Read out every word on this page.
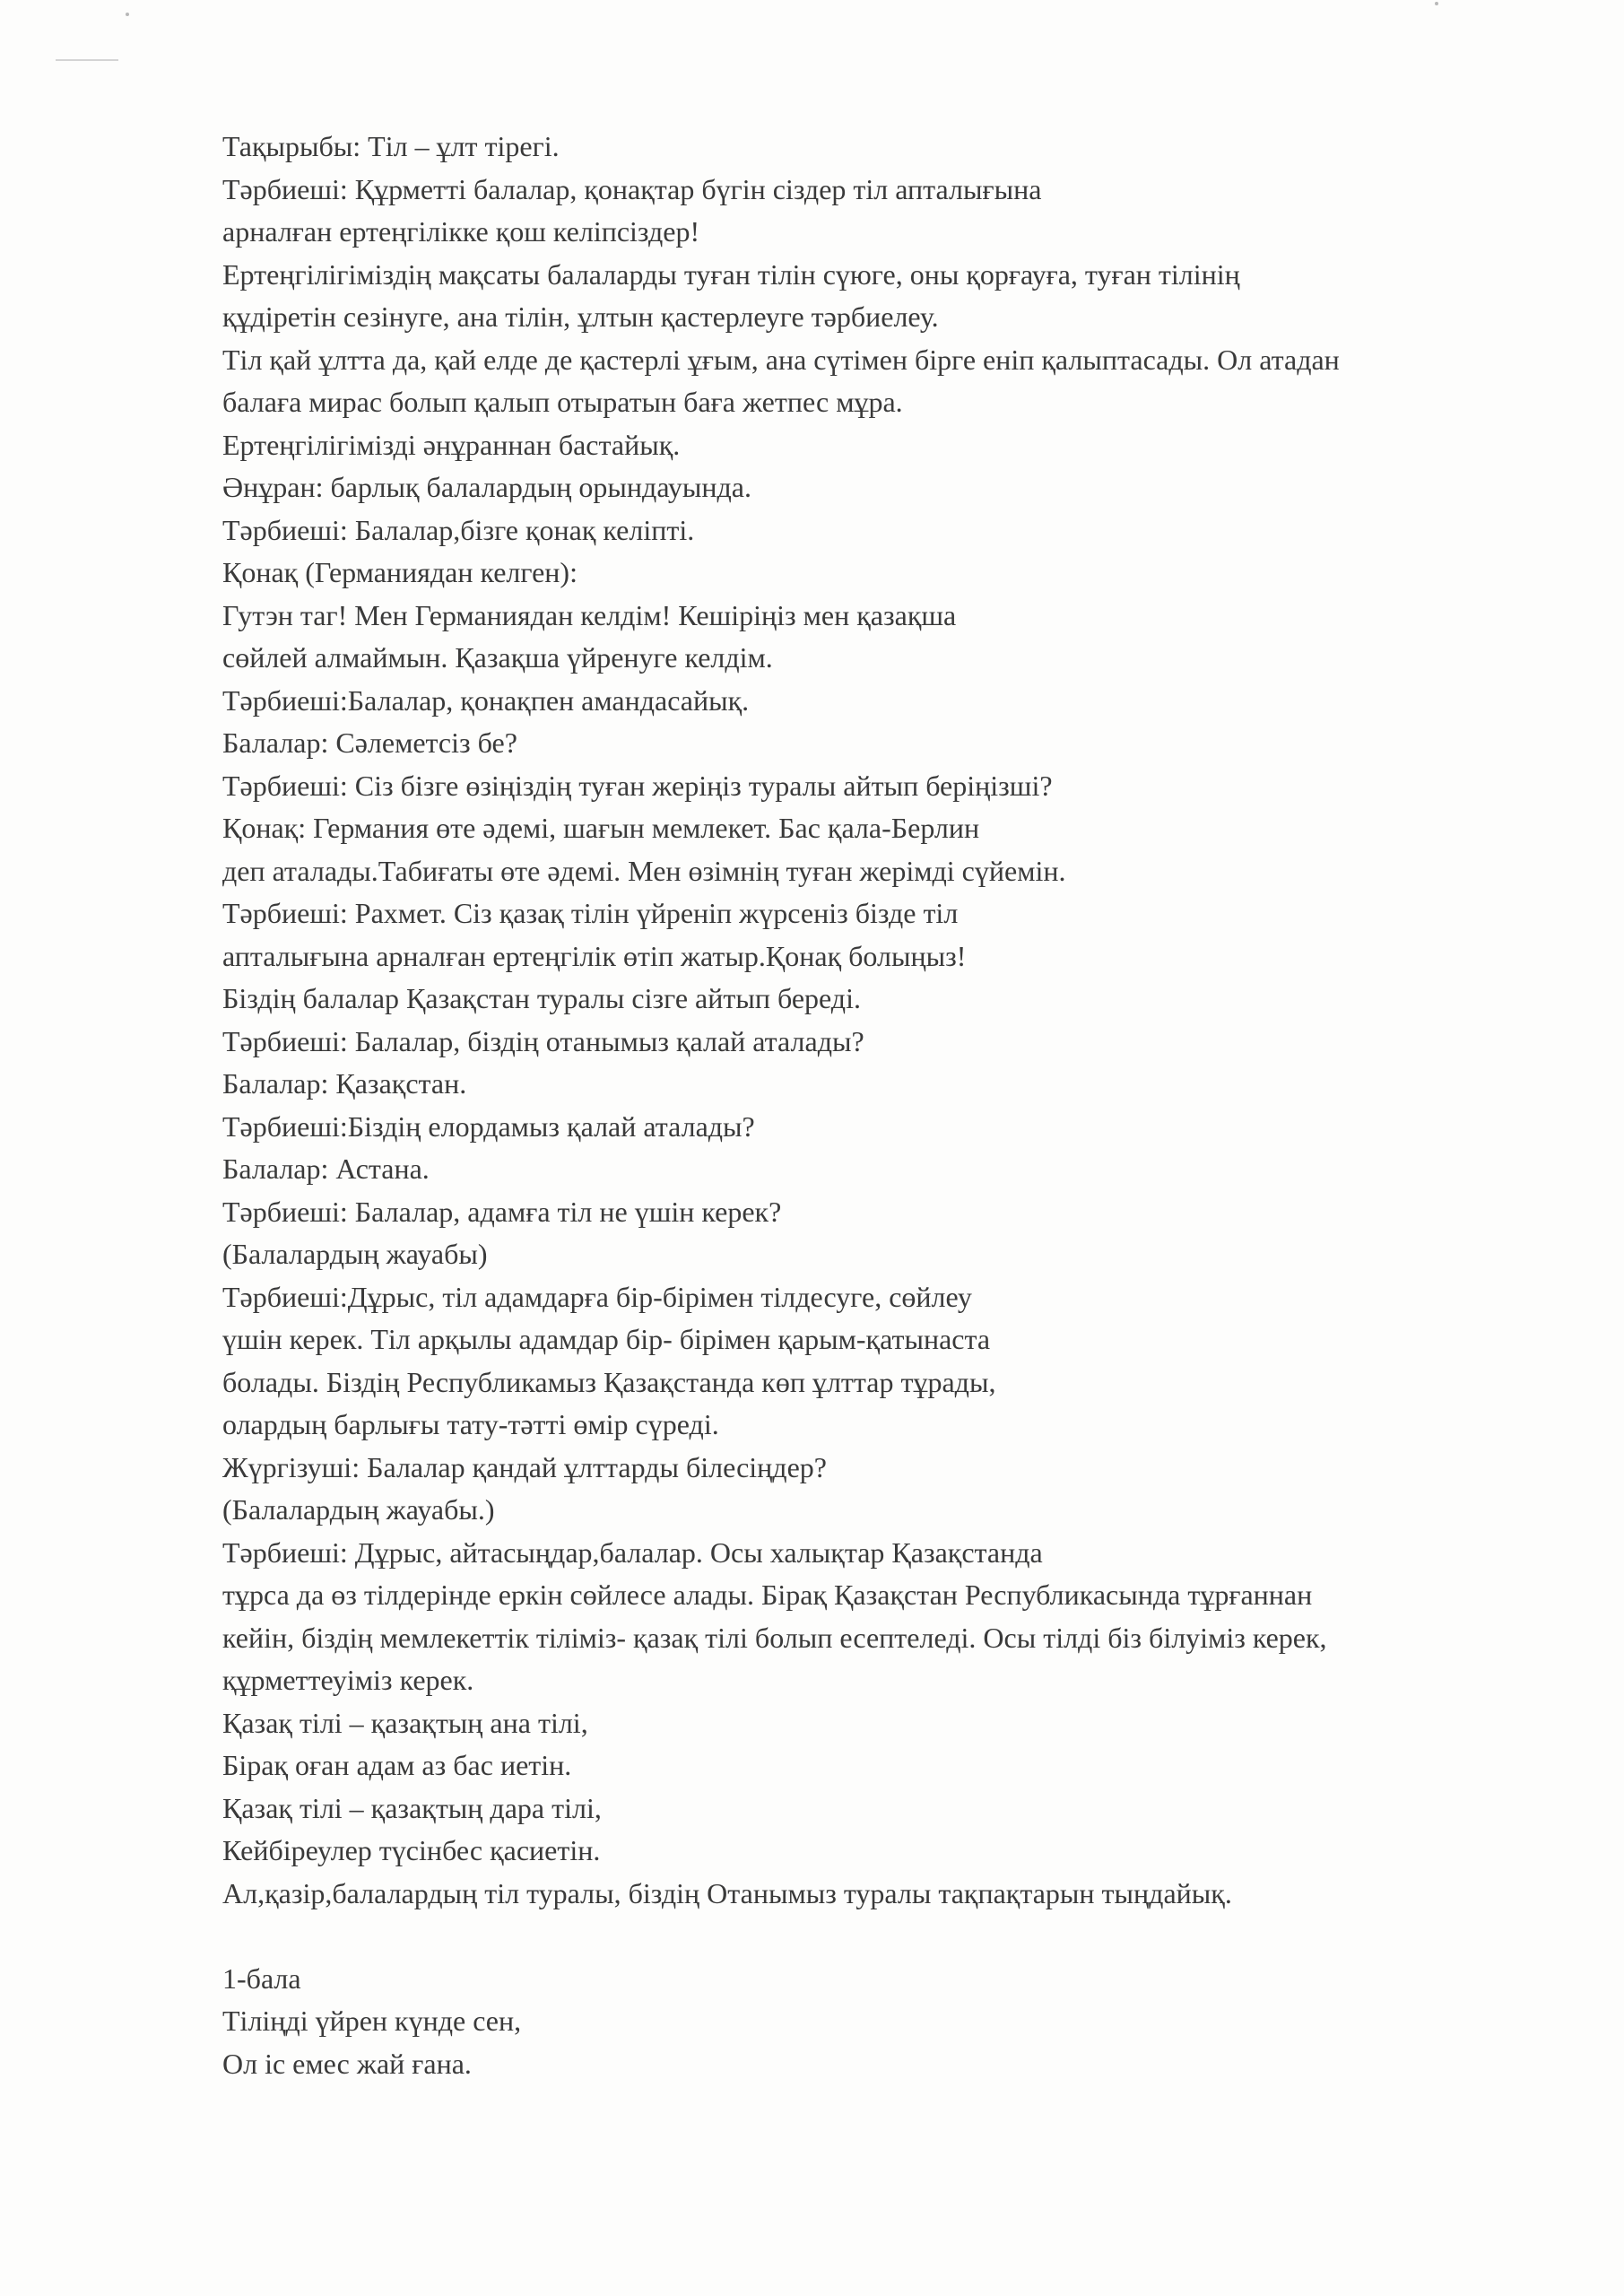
Тақырыбы: Тіл – ұлт тірегі.
Тәрбиеші: Құрметті балалар, қонақтар бүгін сіздер тіл апталығына
арналған ертеңгілікке қош келіпсіздер!
Ертеңгілігіміздің мақсаты балаларды туған тілін сүюге, оны қорғауға, туған тілінің
құдіретін сезінуге, ана тілін, ұлтын қастерлеуге тәрбиелеу.
Тіл қай ұлтта да, қай елде де қастерлі ұғым, ана сүтімен бірге еніп қалыптасады. Ол атадан
балаға мирас болып қалып отыратын баға жетпес мұра.
Ертеңгілігімізді әнұраннан бастайық.
Әнұран: барлық балалардың орындауында.
Тәрбиеші: Балалар,бізге қонақ келіпті.
Қонақ (Германиядан келген):
Гутэн таг! Мен Германиядан келдім! Кешіріңіз мен қазақша
сөйлей алмаймын. Қазақша үйренуге келдім.
Тәрбиеші:Балалар, қонақпен амандасайық.
Балалар: Сәлеметсіз бе?
Тәрбиеші: Сіз бізге өзіңіздің туған жеріңіз туралы айтып беріңізші?
Қонақ: Германия өте әдемі, шағын мемлекет. Бас қала-Берлин
деп аталады.Табиғаты өте әдемі. Мен өзімнің туған жерімді сүйемін.
Тәрбиеші: Рахмет. Сіз қазақ тілін үйреніп жүрсеніз бізде тіл
апталығына арналған ертеңгілік өтіп жатыр.Қонақ болыңыз!
Біздің балалар Қазақстан туралы сізге айтып береді.
Тәрбиеші: Балалар, біздің отанымыз қалай аталады?
Балалар: Қазақстан.
Тәрбиеші:Біздің елордамыз қалай аталады?
Балалар: Астана.
Тәрбиеші: Балалар, адамға тіл не үшін керек?
(Балалардың жауабы)
Тәрбиеші:Дұрыс, тіл адамдарға бір-бірімен тілдесуге, сөйлеу
үшін керек. Тіл арқылы адамдар бір- бірімен қарым-қатынаста
болады. Біздің Республикамыз Қазақстанда көп ұлттар тұрады,
олардың барлығы тату-тәтті өмір сүреді.
Жүргізуші: Балалар қандай ұлттарды білесіңдер?
(Балалардың жауабы.)
Тәрбиеші: Дұрыс, айтасыңдар,балалар. Осы халықтар Қазақстанда
тұрса да өз тілдерінде еркін сөйлесе алады. Бірақ Қазақстан Республикасында тұрғаннан
кейін, біздің мемлекеттік тіліміз- қазақ тілі болып есептеледі. Осы тілді біз білуіміз керек,
құрметтеуіміз керек.
Қазақ тілі – қазақтың ана тілі,
Бірақ оған адам аз бас иетін.
Қазақ тілі – қазақтың дара тілі,
Кейбіреулер түсінбес қасиетін.
Ал,қазір,балалардың тіл туралы, біздің Отанымыз туралы тақпақтарын тыңдайық.
1-бала
Тіліңді үйрен күнде сен,
Ол іс емес жай ғана.
